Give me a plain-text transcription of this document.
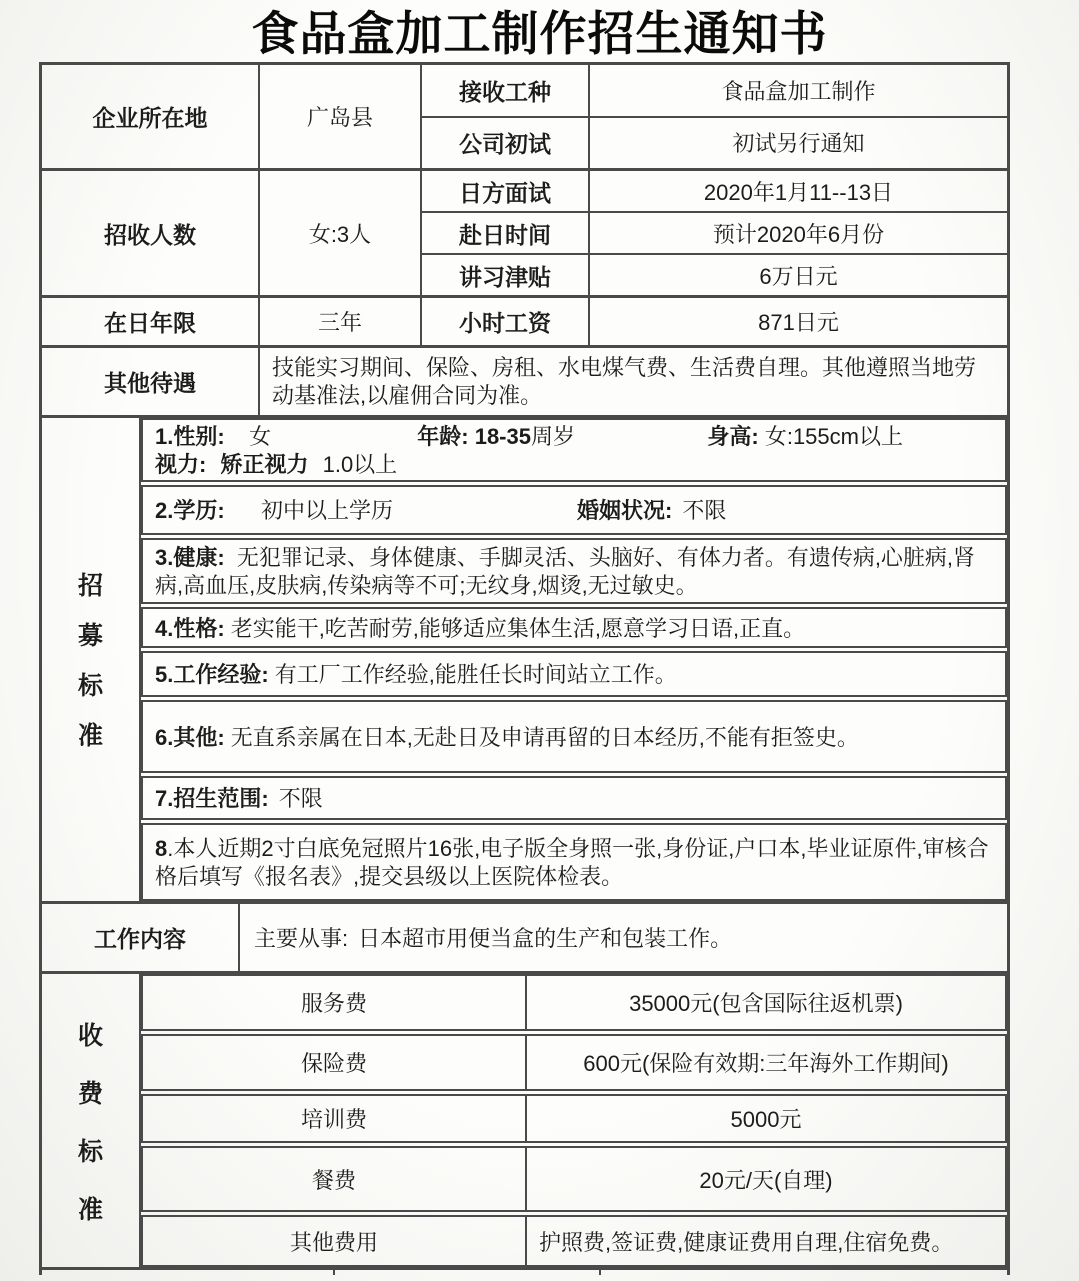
食品盒加工制作招生通知书
企业所在地	广岛县
接收工种	食品盒加工制作
公司初试	初试另行通知
招收人数	女:3人
日方面试	2020年1月11--13日
赴日时间	预计2020年6月份
讲习津贴	6万日元
在日年限	三年	小时工资	871日元
其他待遇
技能实习期间、保险、房租、水电煤气费、生活费自理。其他遵照当地劳动基准法,以雇佣合同为准。
招
募
标
准
1.性别: 女	年龄: 18-35周岁	身高: 女:155cm以上
视力: 矫正视力 1.0以上
2.学历:	初中以上学历	婚姻状况: 不限
3.健康: 无犯罪记录、身体健康、手脚灵活、头脑好、有体力者。有遗传病,心脏病,肾病,高血压,皮肤病,传染病等不可;无纹身,烟烫,无过敏史。
4.性格: 老实能干,吃苦耐劳,能够适应集体生活,愿意学习日语,正直。
5.工作经验: 有工厂工作经验,能胜任长时间站立工作。
6.其他: 无直系亲属在日本,无赴日及申请再留的日本经历,不能有拒签史。
7.招生范围: 不限
8.本人近期2寸白底免冠照片16张,电子版全身照一张,身份证,户口本,毕业证原件,审核合格后填写《报名表》,提交县级以上医院体检表。
工作内容	主要从事: 日本超市用便当盒的生产和包装工作。
收
费
标
准
服务费	35000元(包含国际往返机票)
保险费	600元(保险有效期:三年海外工作期间)
培训费	5000元
餐费	20元/天(自理)
其他费用	护照费,签证费,健康证费用自理,住宿免费。
